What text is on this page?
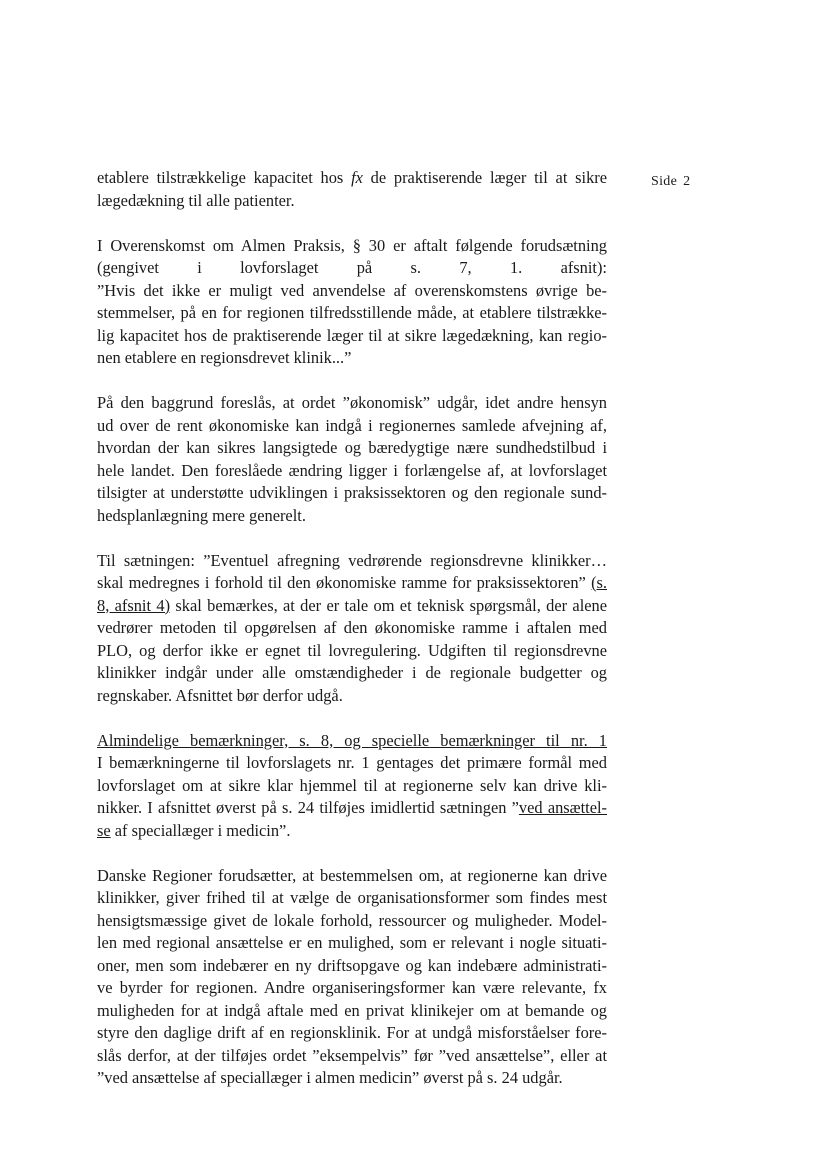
Side 2

etablere tilstrækkelige kapacitet hos fx de praktiserende læger til at sikre
lægedækning til alle patienter.

I Overenskomst om Almen Praksis, § 30 er aftalt følgende forudsætning
(gengivet i lovforslaget på s. 7, 1. afsnit):
”Hvis det ikke er muligt ved anvendelse af overenskomstens øvrige be-
stemmelser, på en for regionen tilfredsstillende måde, at etablere tilstrække-
lig kapacitet hos de praktiserende læger til at sikre lægedækning, kan regio-
nen etablere en regionsdrevet klinik...”

På den baggrund foreslås, at ordet ”økonomisk” udgår, idet andre hensyn
ud over de rent økonomiske kan indgå i regionernes samlede afvejning af,
hvordan der kan sikres langsigtede og bæredygtige nære sundhedstilbud i
hele landet. Den foreslåede ændring ligger i forlængelse af, at lovforslaget
tilsigter at understøtte udviklingen i praksissektoren og den regionale sund-
hedsplanlægning mere generelt.

Til sætningen: ”Eventuel afregning vedrørende regionsdrevne klinikker…
skal medregnes i forhold til den økonomiske ramme for praksissektoren” (s.
8, afsnit 4) skal bemærkes, at der er tale om et teknisk spørgsmål, der alene
vedrører metoden til opgørelsen af den økonomiske ramme i aftalen med
PLO, og derfor ikke er egnet til lovregulering. Udgiften til regionsdrevne
klinikker indgår under alle omstændigheder i de regionale budgetter og
regnskaber. Afsnittet bør derfor udgå.

Almindelige bemærkninger, s. 8, og specielle bemærkninger til nr. 1
I bemærkningerne til lovforslagets nr. 1 gentages det primære formål med
lovforslaget om at sikre klar hjemmel til at regionerne selv kan drive kli-
nikker. I afsnittet øverst på s. 24 tilføjes imidlertid sætningen ”ved ansættel-
se af speciallæger i medicin”.

Danske Regioner forudsætter, at bestemmelsen om, at regionerne kan drive
klinikker, giver frihed til at vælge de organisationsformer som findes mest
hensigtsmæssige givet de lokale forhold, ressourcer og muligheder. Model-
len med regional ansættelse er en mulighed, som er relevant i nogle situati-
oner, men som indebærer en ny driftsopgave og kan indebære administrati-
ve byrder for regionen. Andre organiseringsformer kan være relevante, fx
muligheden for at indgå aftale med en privat klinikejer om at bemande og
styre den daglige drift af en regionsklinik. For at undgå misforståelser fore-
slås derfor, at der tilføjes ordet ”eksempelvis” før ”ved ansættelse”, eller at
”ved ansættelse af speciallæger i almen medicin” øverst på s. 24 udgår.
